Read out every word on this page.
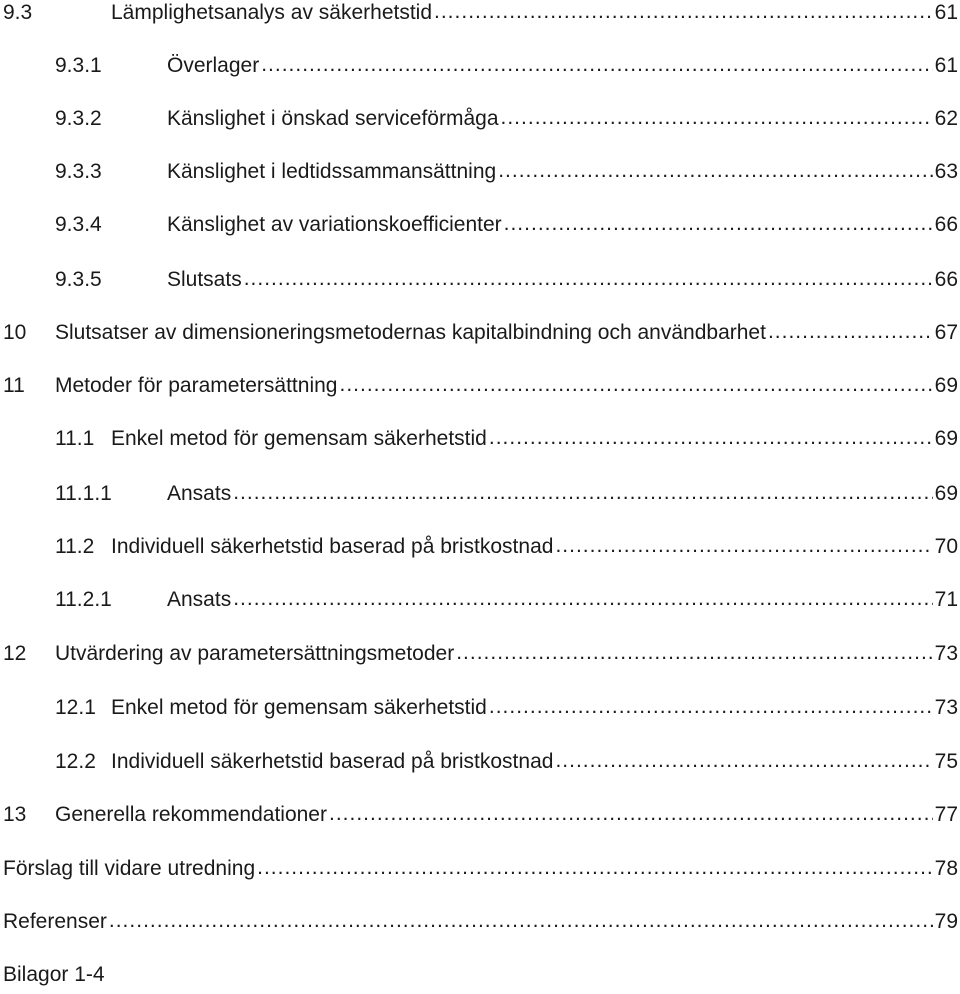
9.3	Lämplighetsanalys av säkerhetstid .....	61
9.3.1	Överlager .....	61
9.3.2	Känslighet i önskad serviceförmåga .....	62
9.3.3	Känslighet i ledtidssammansättning .....	63
9.3.4	Känslighet av variationskoefficienter .....	66
9.3.5	Slutsats .....	66
10	Slutsatser av dimensioneringsmetodernas kapitalbindning och användbarhet .....	67
11	Metoder för parametersättning .....	69
11.1 Enkel metod för gemensam säkerhetstid .....	69
11.1.1	Ansats .....	69
11.2 Individuell säkerhetstid baserad på bristkostnad .....	70
11.2.1	Ansats .....	71
12	Utvärdering av parametersättningsmetoder .....	73
12.1 Enkel metod för gemensam säkerhetstid .....	73
12.2 Individuell säkerhetstid baserad på bristkostnad .....	75
13	Generella rekommendationer .....	77
Förslag till vidare utredning .....	78
Referenser .....	79
Bilagor 1-4
